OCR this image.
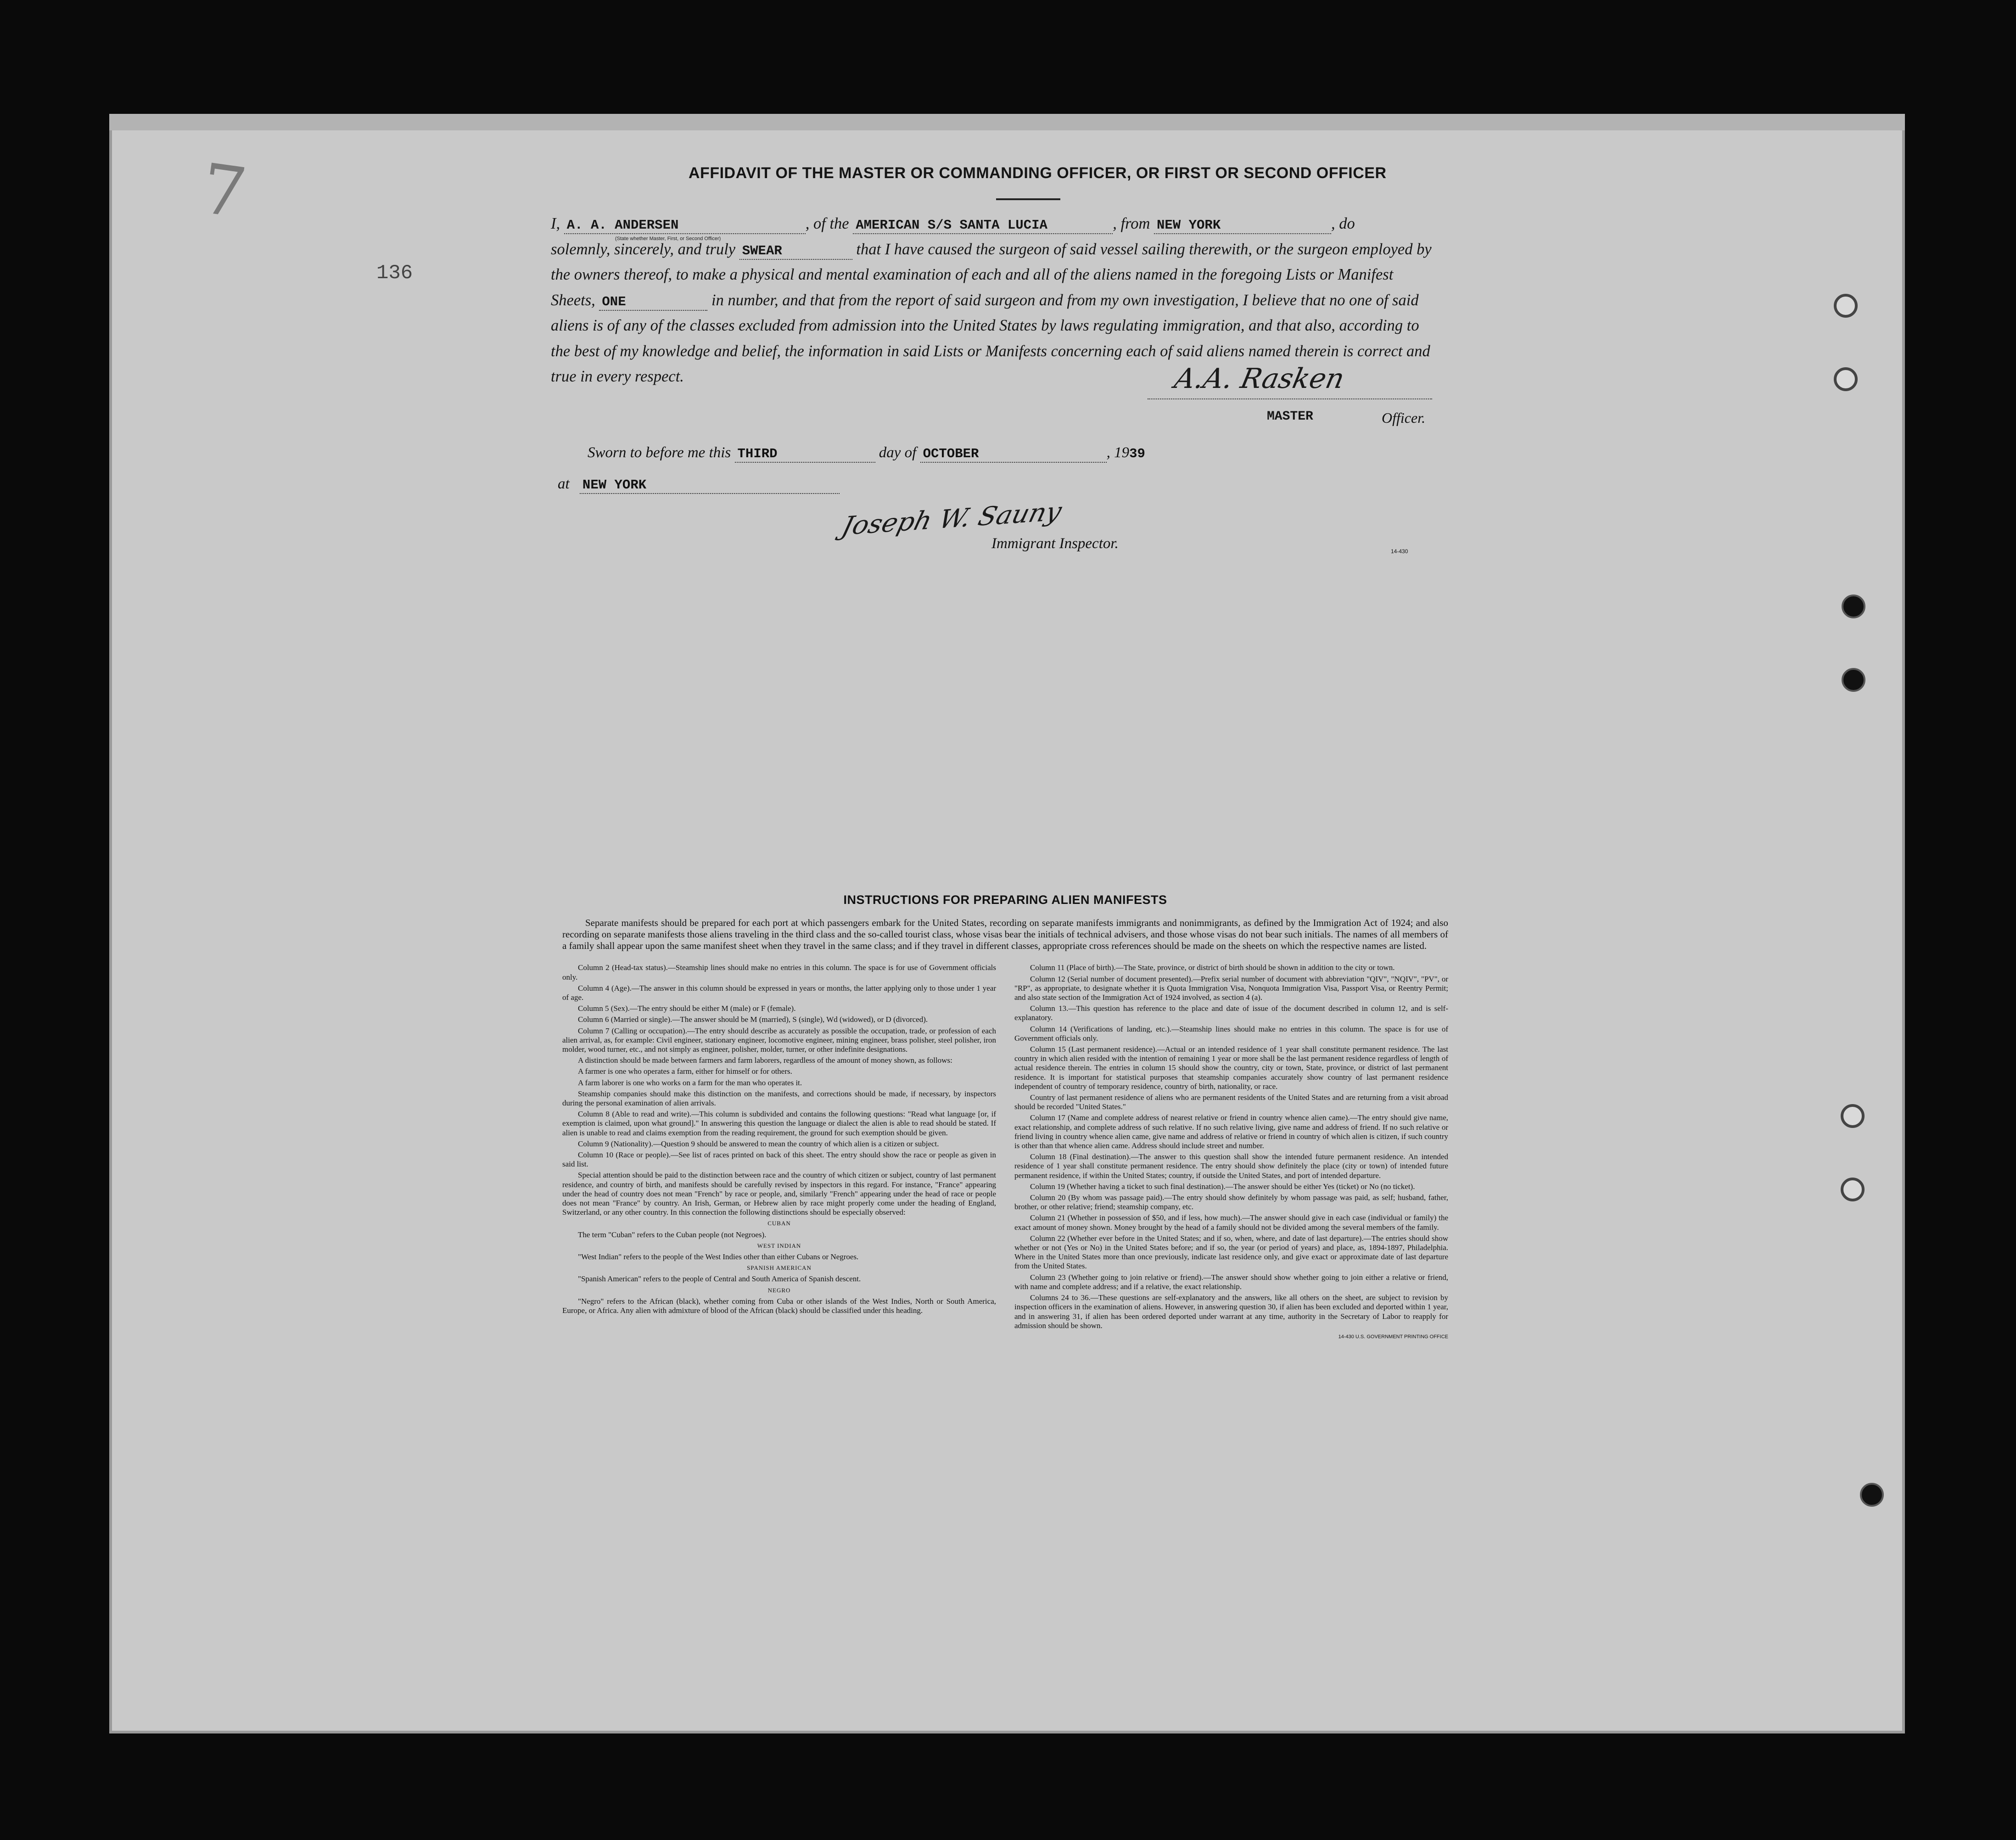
7
136
AFFIDAVIT OF THE MASTER OR COMMANDING OFFICER, OR FIRST OR SECOND OFFICER
I, A. A. ANDERSEN	, of the AMERICAN S/S SANTA LUCIA	, from NEW YORK	, do
solemnly, sincerely, and truly SWEAR	that I have caused the surgeon of said vessel sailing therewith, or the surgeon employed by the owners thereof, to make a physical and mental examination of each and all of the aliens named in the foregoing Lists or Manifest Sheets, ONE	in number, and that from the report of said surgeon and from my own investigation, I believe that no one of said aliens is of any of the classes excluded from admission into the United States by laws regulating immigration, and that also, according to the best of my knowledge and belief, the information in said Lists or Manifests concerning each of said aliens named therein is correct and true in every respect.
(State whether Master, First, or Second Officer)
A.A. Rasken
MASTER	Officer.
Sworn to before me this THIRD	day of OCTOBER	, 1939
at NEW YORK
Joseph W. Sauny
Immigrant Inspector.	14-430
INSTRUCTIONS FOR PREPARING ALIEN MANIFESTS
Separate manifests should be prepared for each port at which passengers embark for the United States, recording on separate manifests immigrants and nonimmigrants, as defined by the Immigration Act of 1924; and also recording on separate manifests those aliens traveling in the third class and the so-called tourist class, whose visas bear the initials of technical advisers, and those whose visas do not bear such initials. The names of all members of a family shall appear upon the same manifest sheet when they travel in the same class; and if they travel in different classes, appropriate cross references should be made on the sheets on which the respective names are listed.

Column 2 (Head-tax status).—Steamship lines should make no entries in this column. The space is for use of Government officials only.

Column 4 (Age).—The answer in this column should be expressed in years or months, the latter applying only to those under 1 year of age.

Column 5 (Sex).—The entry should be either M (male) or F (female).

Column 6 (Married or single).—The answer should be M (married), S (single), Wd (widowed), or D (divorced).

Column 7 (Calling or occupation).—The entry should describe as accurately as possible the occupation, trade, or profession of each alien arrival, as, for example: Civil engineer, stationary engineer, locomotive engineer, mining engineer, brass polisher, steel polisher, iron molder, wood turner, etc., and not simply as engineer, polisher, molder, turner, or other indefinite designations.

A distinction should be made between farmers and farm laborers, regardless of the amount of money shown, as follows:

A farmer is one who operates a farm, either for himself or for others.

A farm laborer is one who works on a farm for the man who operates it.

Steamship companies should make this distinction on the manifests, and corrections should be made, if necessary, by inspectors during the personal examination of alien arrivals.

Column 8 (Able to read and write).—This column is subdivided and contains the following questions: "Read what language [or, if exemption is claimed, upon what ground]." In answering this question the language or dialect the alien is able to read should be stated. If alien is unable to read and claims exemption from the reading requirement, the ground for such exemption should be given.

Column 9 (Nationality).—Question 9 should be answered to mean the country of which alien is a citizen or subject.

Column 10 (Race or people).—See list of races printed on back of this sheet. The entry should show the race or people as given in said list.

Special attention should be paid to the distinction between race and the country of which citizen or subject, country of last permanent residence, and country of birth, and manifests should be carefully revised by inspectors in this regard. For instance, "France" appearing under the head of country does not mean "French" by race or people, and, similarly "French" appearing under the head of race or people does not mean "France" by country. An Irish, German, or Hebrew alien by race might properly come under the heading of England, Switzerland, or any other country. In this connection the following distinctions should be especially observed:

CUBAN

The term "Cuban" refers to the Cuban people (not Negroes).

WEST INDIAN

"West Indian" refers to the people of the West Indies other than either Cubans or Negroes.

SPANISH AMERICAN

"Spanish American" refers to the people of Central and South America of Spanish descent.

NEGRO

"Negro" refers to the African (black), whether coming from Cuba or other islands of the West Indies, North or South America, Europe, or Africa. Any alien with admixture of blood of the African (black) should be classified under this heading.

Column 11 (Place of birth).—The State, province, or district of birth should be shown in addition to the city or town.

Column 12 (Serial number of document presented).—Prefix serial number of document with abbreviation "QIV", "NQIV", "PV", or "RP", as appropriate, to designate whether it is Quota Immigration Visa, Nonquota Immigration Visa, Passport Visa, or Reentry Permit; and also state section of the Immigration Act of 1924 involved, as section 4 (a).

Column 13.—This question has reference to the place and date of issue of the document described in column 12, and is self-explanatory.

Column 14 (Verifications of landing, etc.).—Steamship lines should make no entries in this column. The space is for use of Government officials only.

Column 15 (Last permanent residence).—Actual or an intended residence of 1 year shall constitute permanent residence. The last country in which alien resided with the intention of remaining 1 year or more shall be the last permanent residence regardless of length of actual residence therein. The entries in column 15 should show the country, city or town, State, province, or district of last permanent residence. It is important for statistical purposes that steamship companies accurately show country of last permanent residence independent of country of temporary residence, country of birth, nationality, or race.

Country of last permanent residence of aliens who are permanent residents of the United States and are returning from a visit abroad should be recorded "United States."

Column 17 (Name and complete address of nearest relative or friend in country whence alien came).—The entry should give name, exact relationship, and complete address of such relative. If no such relative living, give name and address of friend. If no such relative or friend living in country whence alien came, give name and address of relative or friend in country of which alien is citizen, if such country is other than that whence alien came. Address should include street and number.

Column 18 (Final destination).—The answer to this question shall show the intended future permanent residence. An intended residence of 1 year shall constitute permanent residence. The entry should show definitely the place (city or town) of intended future permanent residence, if within the United States; country, if outside the United States, and port of intended departure.

Column 19 (Whether having a ticket to such final destination).—The answer should be either Yes (ticket) or No (no ticket).

Column 20 (By whom was passage paid).—The entry should show definitely by whom passage was paid, as self; husband, father, brother, or other relative; friend; steamship company, etc.

Column 21 (Whether in possession of $50, and if less, how much).—The answer should give in each case (individual or family) the exact amount of money shown. Money brought by the head of a family should not be divided among the several members of the family.

Column 22 (Whether ever before in the United States; and if so, when, where, and date of last departure).—The entries should show whether or not (Yes or No) in the United States before; and if so, the year (or period of years) and place, as, 1894-1897, Philadelphia. Where in the United States more than once previously, indicate last residence only, and give exact or approximate date of last departure from the United States.

Column 23 (Whether going to join relative or friend).—The answer should show whether going to join either a relative or friend, with name and complete address; and if a relative, the exact relationship.

Columns 24 to 36.—These questions are self-explanatory and the answers, like all others on the sheet, are subject to revision by inspection officers in the examination of aliens. However, in answering question 30, if alien has been excluded and deported within 1 year, and in answering 31, if alien has been ordered deported under warrant at any time, authority in the Secretary of Labor to reapply for admission should be shown.

14-430 U.S. GOVERNMENT PRINTING OFFICE
